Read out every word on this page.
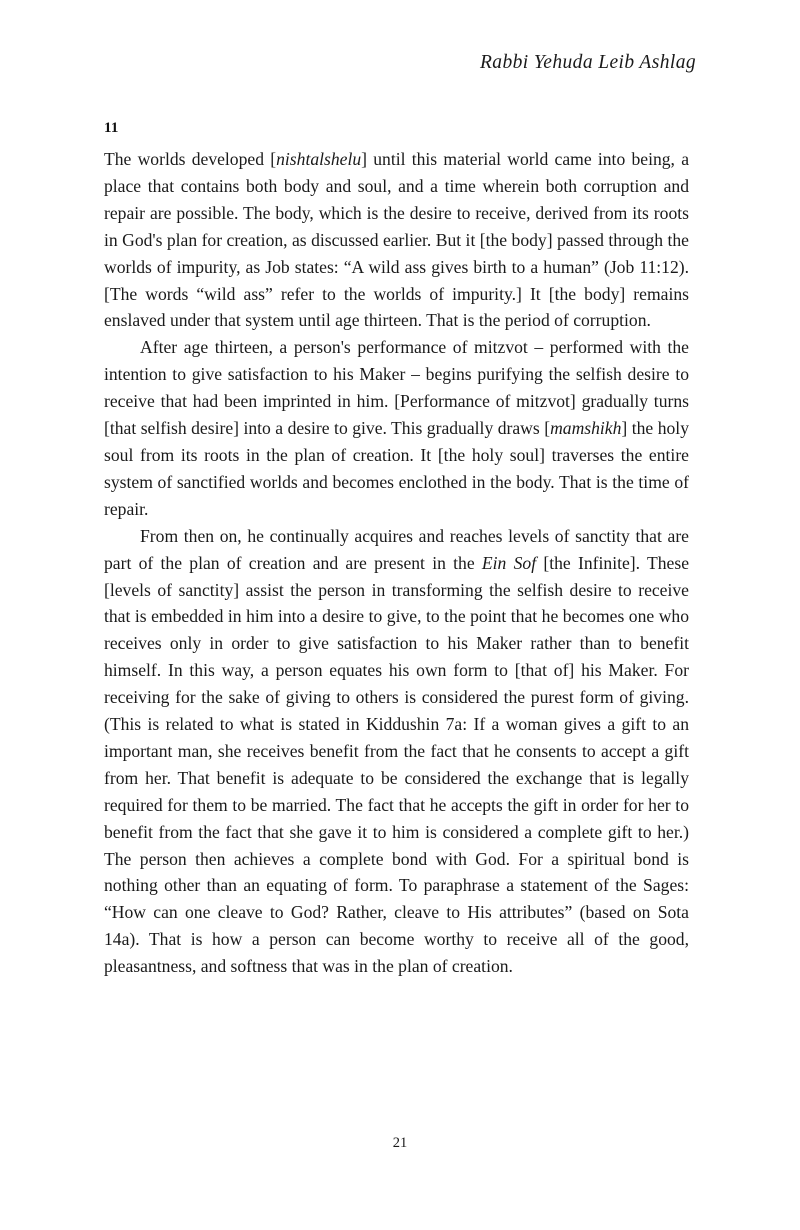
Rabbi Yehuda Leib Ashlag
11

The worlds developed [nishtalshelu] until this material world came into being, a place that contains both body and soul, and a time wherein both corruption and repair are possible. The body, which is the desire to receive, derived from its roots in God's plan for creation, as discussed earlier. But it [the body] passed through the worlds of impurity, as Job states: “A wild ass gives birth to a human” (Job 11:12). [The words “wild ass” refer to the worlds of impurity.] It [the body] remains enslaved under that system until age thirteen. That is the period of corruption.

After age thirteen, a person's performance of mitzvot – performed with the intention to give satisfaction to his Maker – begins purifying the selfish desire to receive that had been imprinted in him. [Performance of mitzvot] gradually turns [that selfish desire] into a desire to give. This gradually draws [mamshikh] the holy soul from its roots in the plan of creation. It [the holy soul] traverses the entire system of sanctified worlds and becomes enclothed in the body. That is the time of repair.

From then on, he continually acquires and reaches levels of sanctity that are part of the plan of creation and are present in the Ein Sof [the Infinite]. These [levels of sanctity] assist the person in transforming the selfish desire to receive that is embedded in him into a desire to give, to the point that he becomes one who receives only in order to give satisfaction to his Maker rather than to benefit himself. In this way, a person equates his own form to [that of] his Maker. For receiving for the sake of giving to others is considered the purest form of giving. (This is related to what is stated in Kiddushin 7a: If a woman gives a gift to an important man, she receives benefit from the fact that he consents to accept a gift from her. That benefit is adequate to be considered the exchange that is legally required for them to be married. The fact that he accepts the gift in order for her to benefit from the fact that she gave it to him is considered a complete gift to her.) The person then achieves a complete bond with God. For a spiritual bond is nothing other than an equating of form. To paraphrase a statement of the Sages: “How can one cleave to God? Rather, cleave to His attributes” (based on Sota 14a). That is how a person can become worthy to receive all of the good, pleasantness, and softness that was in the plan of creation.

21
